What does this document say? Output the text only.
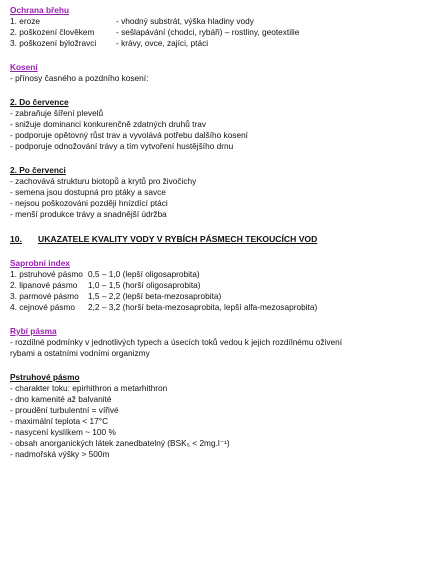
Ochrana břehu
1. eroze	- vhodný substrát, výška hladiny vody
2. poškození člověkem	- sešlapávání (chodci, rybáři) – rostliny, geotextilie
3. poškození býložravci	- krávy, ovce, zajíci, ptáci
Kosení
- přínosy časného a pozdního kosení:
2. Do července
- zabraňuje šíření plevelů
- snižuje dominanci konkurenčně zdatných druhů trav
- podporuje opětovný růst trav a vyvolává potřebu dalšího kosení
- podporuje odnožování trávy a tím vytvoření hustějšího drnu
2. Po červenci
- zachovává strukturu biotopů a krytů pro živočichy
- semena jsou dostupná pro ptáky a savce
- nejsou poškozováni později hnízdící ptáci
- menší produkce trávy a snadnější údržba
10.	UKAZATELE KVALITY VODY V RYBÍCH PÁSMECH TEKOUCÍCH VOD
Saprobní index
1. pstruhové pásmo 0,5 – 1,0 (lepší oligosaprobita)
2. lipanové pásmo	1,0 – 1,5 (horší oligosaprobita)
3. parmové pásmo	1,5 – 2,2 (lepší beta-mezosaprobita)
4. cejnové pásmo	2,2 – 3,2 (horší beta-mezosaprobita, lepší alfa-mezosaprobita)
Rybí pásma
- rozdílné podmínky v jednotlivých typech a úsecích toků vedou k jejich rozdílnému oživení
rybami a ostatními vodními organizmy
Pstruhové pásmo
- charakter toku: epirhithron a metarhithron
- dno kamenité až balvanité
- proudění turbulentní = vířivé
- maximální teplota < 17°C
- nasycení kyslíkem ~ 100 %
- obsah anorganických látek zanedbatelný (BSK₅ < 2mg.l⁻¹)
- nadmořská výšky > 500m
